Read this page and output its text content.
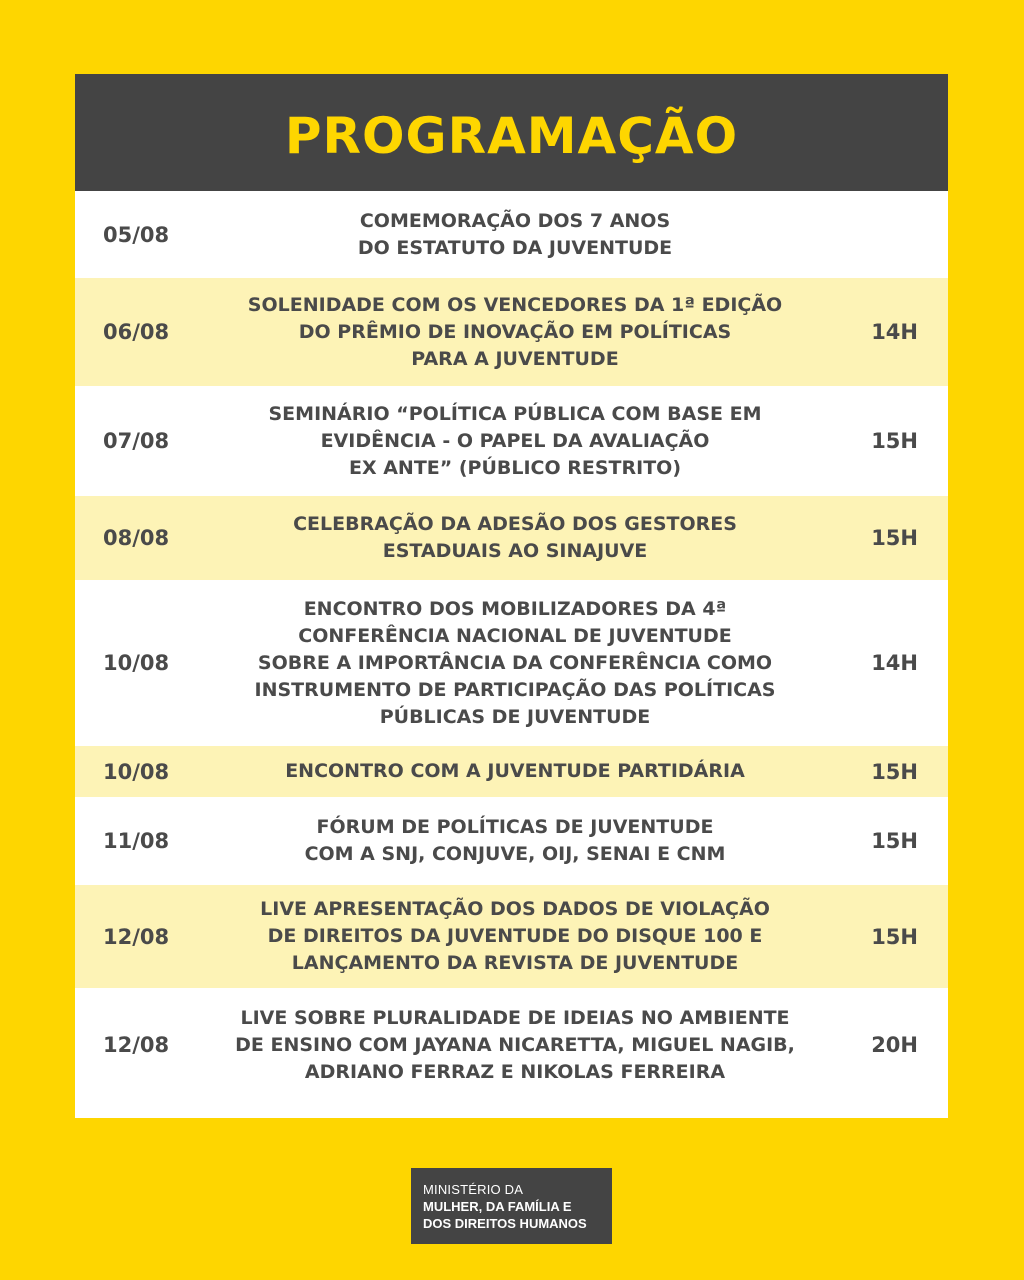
PROGRAMAÇÃO
05/08
COMEMORAÇÃO DOS 7 ANOS
DO ESTATUTO DA JUVENTUDE
06/08
SOLENIDADE COM OS VENCEDORES DA 1ª EDIÇÃO
DO PRÊMIO DE INOVAÇÃO EM POLÍTICAS
PARA A JUVENTUDE
14H
07/08
SEMINÁRIO “POLÍTICA PÚBLICA COM BASE EM
EVIDÊNCIA - O PAPEL DA AVALIAÇÃO
EX ANTE” (PÚBLICO RESTRITO)
15H
08/08
CELEBRAÇÃO DA ADESÃO DOS GESTORES
ESTADUAIS AO SINAJUVE
15H
10/08
ENCONTRO DOS MOBILIZADORES DA 4ª
CONFERÊNCIA NACIONAL DE JUVENTUDE
SOBRE A IMPORTÂNCIA DA CONFERÊNCIA COMO
INSTRUMENTO DE PARTICIPAÇÃO DAS POLÍTICAS
PÚBLICAS DE JUVENTUDE
14H
10/08	ENCONTRO COM A JUVENTUDE PARTIDÁRIA	15H
11/08
FÓRUM DE POLÍTICAS DE JUVENTUDE
COM A SNJ, CONJUVE, OIJ, SENAI E CNM
15H
12/08
LIVE APRESENTAÇÃO DOS DADOS DE VIOLAÇÃO
DE DIREITOS DA JUVENTUDE DO DISQUE 100 E
LANÇAMENTO DA REVISTA DE JUVENTUDE
15H
12/08
LIVE SOBRE PLURALIDADE DE IDEIAS NO AMBIENTE
DE ENSINO COM JAYANA NICARETTA, MIGUEL NAGIB,
ADRIANO FERRAZ E NIKOLAS FERREIRA
20H
MINISTÉRIO DA
MULHER, DA FAMÍLIA E
DOS DIREITOS HUMANOS
